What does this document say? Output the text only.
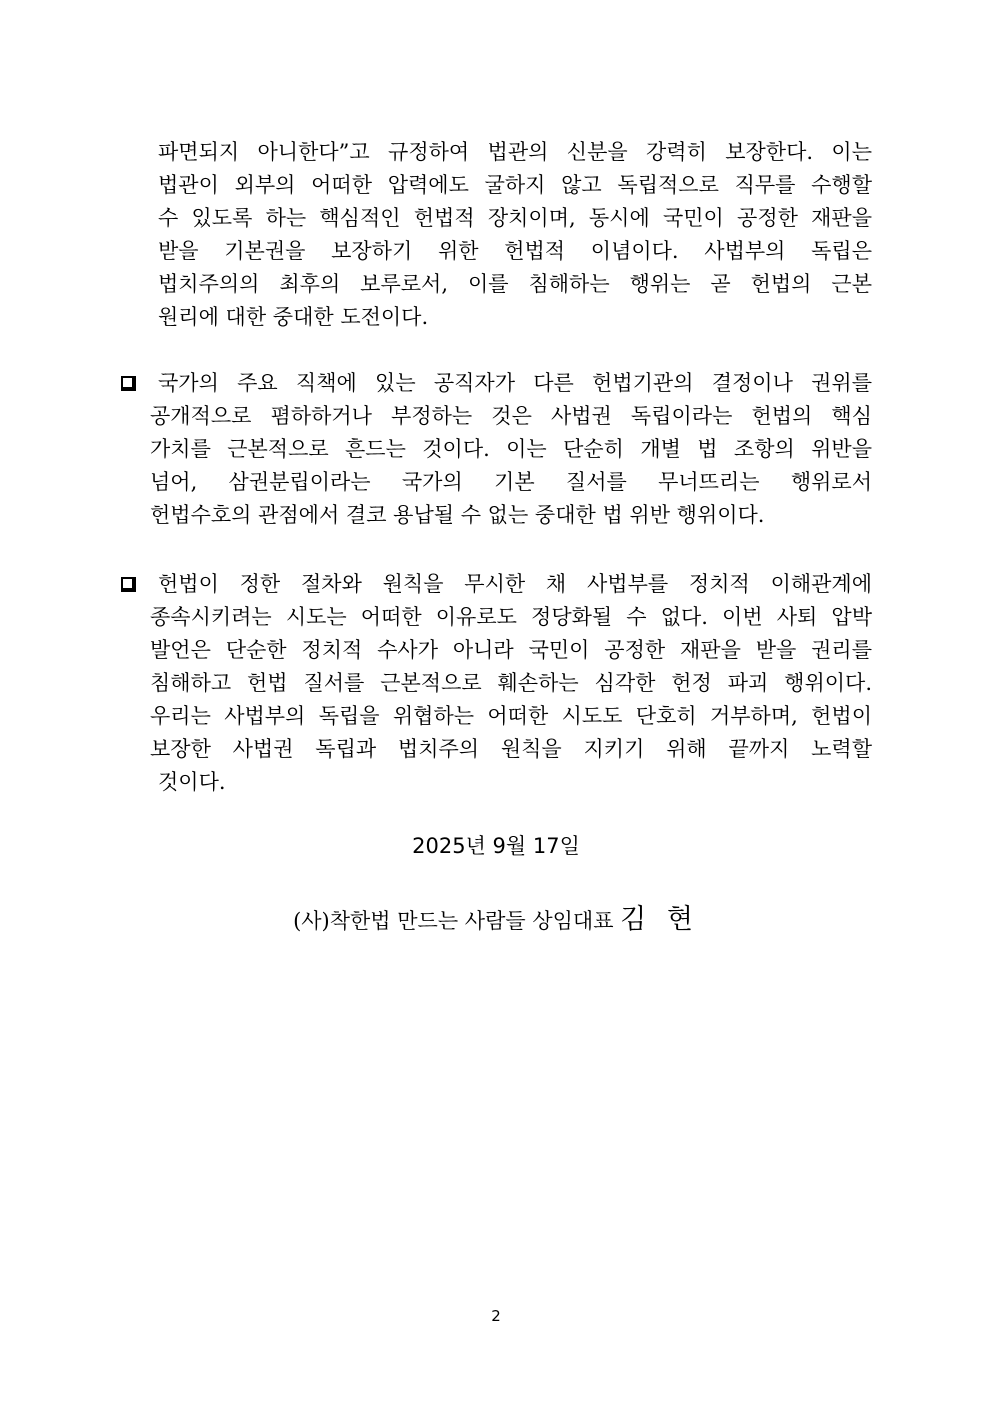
파면되지 아니한다”고 규정하여 법관의 신분을 강력히 보장한다. 이는
법관이 외부의 어떠한 압력에도 굴하지 않고 독립적으로 직무를 수행할
수 있도록 하는 핵심적인 헌법적 장치이며, 동시에 국민이 공정한 재판을
받을 기본권을 보장하기 위한 헌법적 이념이다. 사법부의 독립은
법치주의의 최후의 보루로서, 이를 침해하는 행위는 곧 헌법의 근본
원리에 대한 중대한 도전이다.
국가의 주요 직책에 있는 공직자가 다른 헌법기관의 결정이나 권위를
공개적으로 폄하하거나 부정하는 것은 사법권 독립이라는 헌법의 핵심
가치를 근본적으로 흔드는 것이다. 이는 단순히 개별 법 조항의 위반을
넘어, 삼권분립이라는 국가의 기본 질서를 무너뜨리는 행위로서
헌법수호의 관점에서 결코 용납될 수 없는 중대한 법 위반 행위이다.
헌법이 정한 절차와 원칙을 무시한 채 사법부를 정치적 이해관계에
종속시키려는 시도는 어떠한 이유로도 정당화될 수 없다. 이번 사퇴 압박
발언은 단순한 정치적 수사가 아니라 국민이 공정한 재판을 받을 권리를
침해하고 헌법 질서를 근본적으로 훼손하는 심각한 헌정 파괴 행위이다.
우리는 사법부의 독립을 위협하는 어떠한 시도도 단호히 거부하며, 헌법이
보장한 사법권 독립과 법치주의 원칙을 지키기 위해 끝까지 노력할
것이다.
2025년 9월 17일
(사)착한법 만드는 사람들 상임대표 김 현
2
